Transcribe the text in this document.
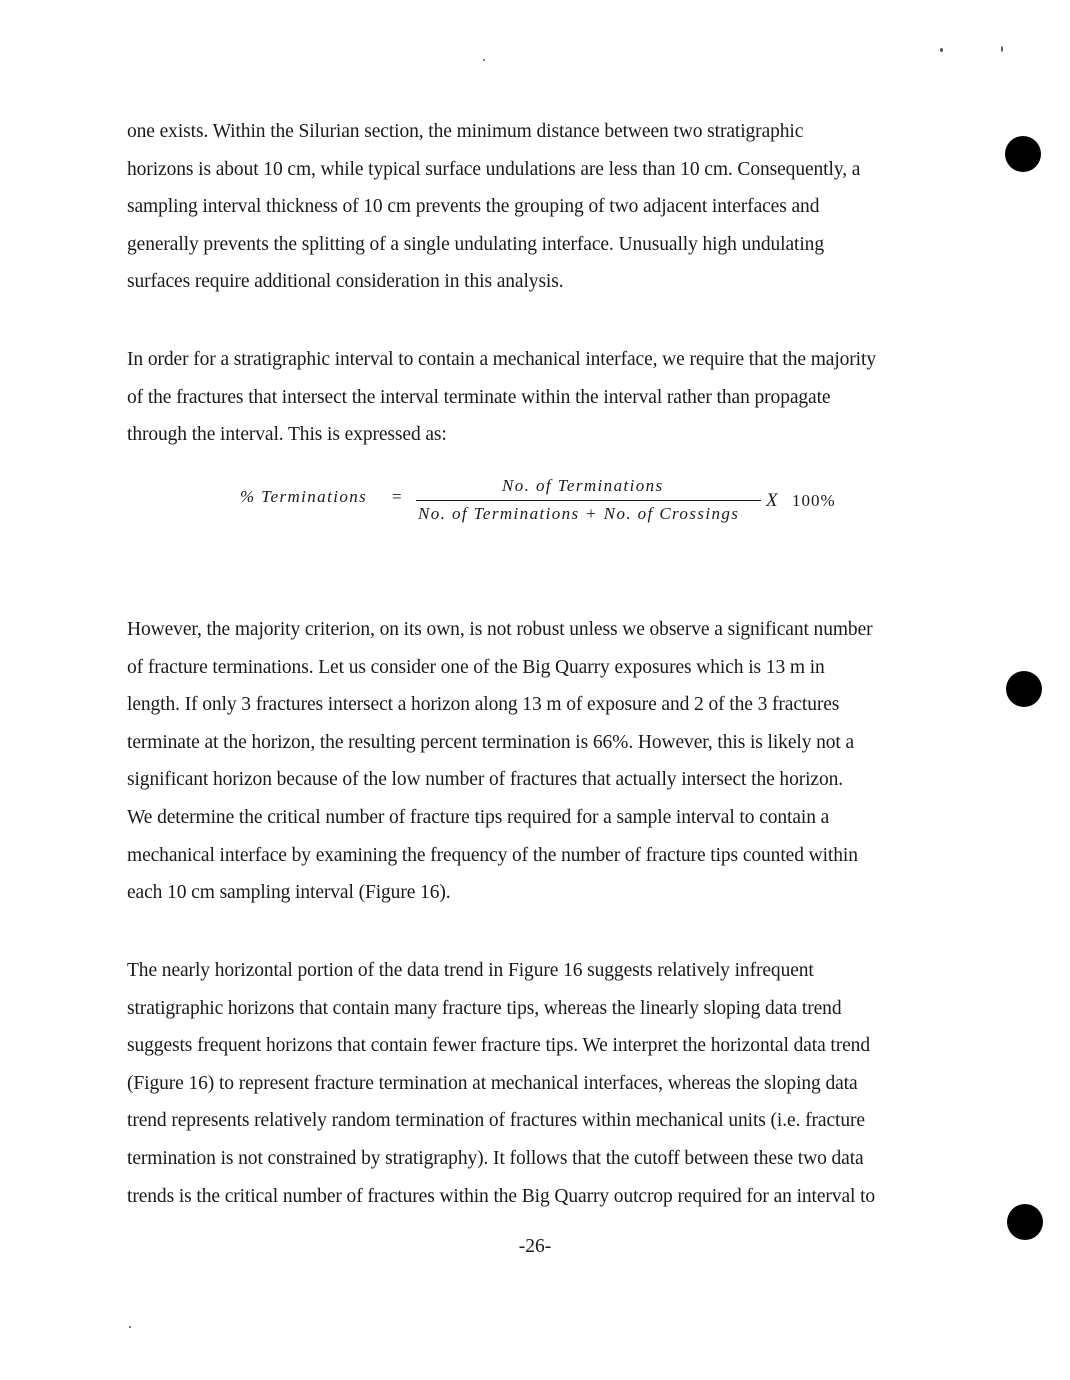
one exists. Within the Silurian section, the minimum distance between two stratigraphic
horizons is about 10 cm, while typical surface undulations are less than 10 cm. Consequently, a
sampling interval thickness of 10 cm prevents the grouping of two adjacent interfaces and
generally prevents the splitting of a single undulating interface. Unusually high undulating
surfaces require additional consideration in this analysis.
In order for a stratigraphic interval to contain a mechanical interface, we require that the majority
of the fractures that intersect the interval terminate within the interval rather than propagate
through the interval. This is expressed as:
% Terminations =
No. of Terminations
No. of Terminations + No. of Crossings
X 100%
However, the majority criterion, on its own, is not robust unless we observe a significant number
of fracture terminations. Let us consider one of the Big Quarry exposures which is 13 m in
length. If only 3 fractures intersect a horizon along 13 m of exposure and 2 of the 3 fractures
terminate at the horizon, the resulting percent termination is 66%. However, this is likely not a
significant horizon because of the low number of fractures that actually intersect the horizon.
We determine the critical number of fracture tips required for a sample interval to contain a
mechanical interface by examining the frequency of the number of fracture tips counted within
each 10 cm sampling interval (Figure 16).
The nearly horizontal portion of the data trend in Figure 16 suggests relatively infrequent
stratigraphic horizons that contain many fracture tips, whereas the linearly sloping data trend
suggests frequent horizons that contain fewer fracture tips. We interpret the horizontal data trend
(Figure 16) to represent fracture termination at mechanical interfaces, whereas the sloping data
trend represents relatively random termination of fractures within mechanical units (i.e. fracture
termination is not constrained by stratigraphy). It follows that the cutoff between these two data
trends is the critical number of fractures within the Big Quarry outcrop required for an interval to
-26-
